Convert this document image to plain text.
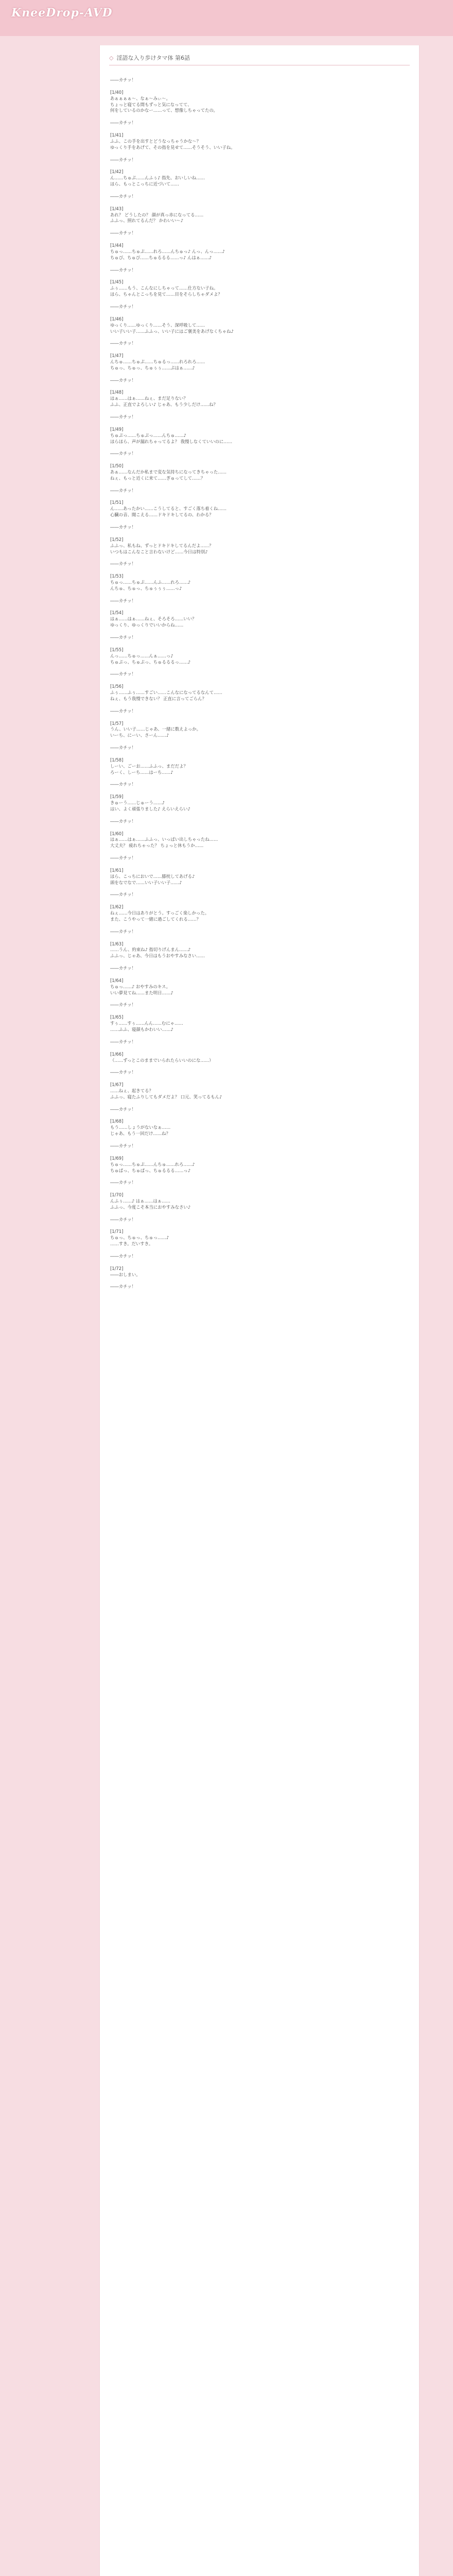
KneeDrop-AVD
◇ 淫語な入り歩けタマ体 第6話
――カチッ！

[1/40]
あぁぁぁぁ～、なぁ～みぃ～。
ちょっと寝てる間もずっと気になってて、
何をしているのかなー……って、想像しちゃってたの。

――カチッ！

[1/41]
ふふ、この手を出すとどうなっちゃうかな～？
ゆっくり手をあげて、その指を見せて……そうそう、いい子ね。

――カチッ！

[1/42]
ん……ちゅぷ……んふぅ♪ 指先、おいしいね……
ほら、もっとこっちに近づいて……

――カチッ！

[1/43]
あれ？ どうしたの？ 顔が真っ赤になってる……
ふふっ、照れてるんだ？ かわいい～♪

――カチッ！

[1/44]
ちゅっ……ちゅぷ……れろ……んちゅっ♪ んっ、んっ……♪
ちゅぴ、ちゅぴ……ちゅるるる……っ♪ んはぁ……♪

――カチッ！

[1/45]
ふぅ……もう、こんなにしちゃって……仕方ない子ね。
ほら、ちゃんとこっちを見て……目をそらしちゃダメよ？

――カチッ！

[1/46]
ゆっくり……ゆっくり……そう、深呼吸して……
いい子いい子……ふふっ、いい子にはご褒美をあげなくちゃね♪

――カチッ！

[1/47]
んちゅ……ちゅぷ……ちゅるっ……れろれろ……
ちゅっ、ちゅっ、ちゅぅぅ……ぷはぁ……♪

――カチッ！

[1/48]
はぁ……はぁ……ねぇ、まだ足りない？
ふふ、正直でよろしい♪ じゃあ、もう少しだけ……ね？

――カチッ！

[1/49]
ちゅぷっ……ちゅぷっ……んちゅ……♪
ほらほら、声が漏れちゃってるよ？ 我慢しなくていいのに……

――カチッ！

[1/50]
あぁ……なんだか私まで変な気持ちになってきちゃった……
ねぇ、もっと近くに来て……ぎゅってして……？

――カチッ！

[1/51]
ん……あったかい……こうしてると、すごく落ち着くね……
心臓の音、聞こえる……ドキドキしてるの、わかる？

――カチッ！

[1/52]
ふふっ、私もね、ずっとドキドキしてるんだよ……？
いつもはこんなこと言わないけど……今日は特別♪

――カチッ！

[1/53]
ちゅっ……ちゅぷ……んふ……れろ……♪
んちゅ、ちゅっ、ちゅぅぅぅ……っ♪

――カチッ！

[1/54]
はぁ……はぁ……ねぇ、そろそろ……いい？
ゆっくり、ゆっくりでいいからね……

――カチッ！

[1/55]
んっ……ちゅっ……んぁ……っ♪
ちゅぷっ、ちゅぷっ、ちゅるるるっ……♪

――カチッ！

[1/56]
ふぅ……ふぅ……すごい……こんなになってるなんて……
ねぇ、もう我慢できない？ 正直に言ってごらん？

――カチッ！

[1/57]
うん、いい子……じゃあ、一緒に数えよっか。
いーち、にーい、さーん……♪

――カチッ！

[1/58]
しーい、ごーお……ふふっ、まだだよ？
ろーく、しーち……はーち……♪

――カチッ！

[1/59]
きゅーう……じゅーう……♪
はい、よく頑張りました♪ えらいえらい♪

――カチッ！

[1/60]
はぁ……はぁ……ふふっ、いっぱい出しちゃったね……
大丈夫？ 疲れちゃった？ ちょっと休もうか……

――カチッ！

[1/61]
ほら、こっちにおいで……膝枕してあげる♪
頭をなでなで……いい子いい子……♪

――カチッ！

[1/62]
ねぇ……今日はありがとう。すっごく楽しかった。
また、こうやって一緒に過ごしてくれる……？

――カチッ！

[1/63]
……うん、約束ね♪ 指切りげんまん……♪
ふふっ、じゃあ、今日はもうおやすみなさい……

――カチッ！

[1/64]
ちゅっ……♪ おやすみのキス。
いい夢見てね……また明日……♪

――カチッ！

[1/65]
すぅ……すぅ……んん……むにゃ……
……ふふ、寝顔もかわいい……♪

――カチッ！

[1/66]
（……ずっとこのままでいられたらいいのにな……）

――カチッ！

[1/67]
……ねぇ、起きてる？
ふふっ、寝たふりしてもダメだよ？ 口元、笑ってるもん♪

――カチッ！

[1/68]
もう……しょうがないなぁ……
じゃあ、もう一回だけ……ね？

――カチッ！

[1/69]
ちゅっ……ちゅぷ……んちゅ……れろ……♪
ちゅぱっ、ちゅぱっ、ちゅるるる……っ♪

――カチッ！

[1/70]
んふぅ……♪ はぁ……はぁ……
ふふっ、今度こそ本当におやすみなさい♪

――カチッ！

[1/71]
ちゅっ、ちゅっ、ちゅっ……♪
……すき。だいすき。

――カチッ！

[1/72]
――おしまい。

――カチッ！
